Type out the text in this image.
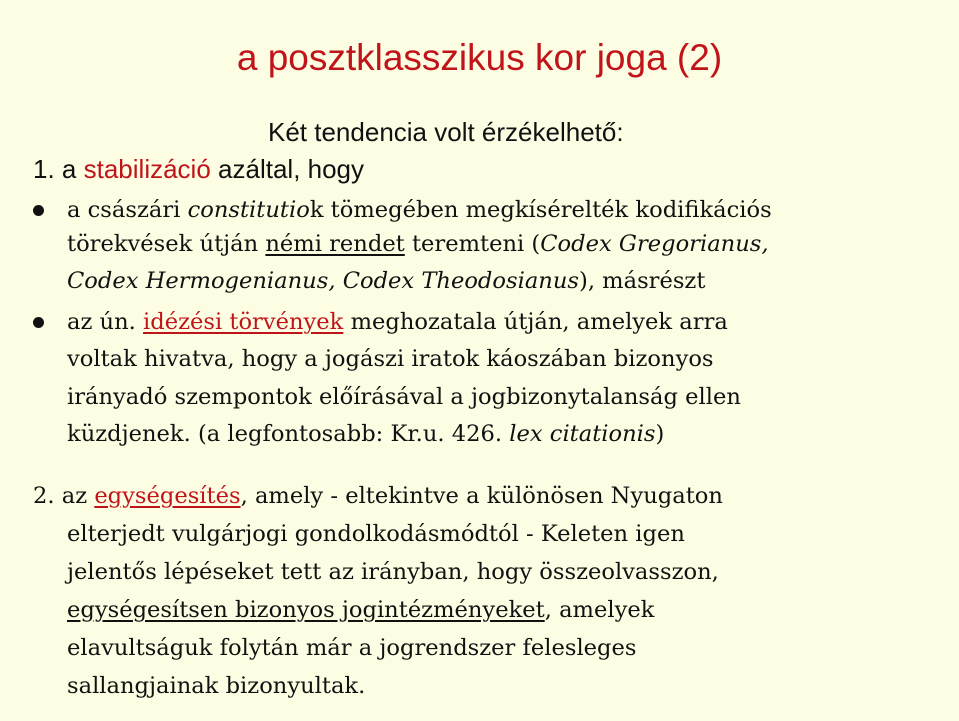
a posztklasszikus kor joga (2)

Két tendencia volt érzékelhető:

1. a stabilizáció azáltal, hogy

a császári constitutiok tömegében megkísérelték kodifikációs

törekvések útján némi rendet teremteni (Codex Gregorianus,

Codex Hermogenianus, Codex Theodosianus), másrészt

az ún. idézési törvények meghozatala útján, amelyek arra

voltak hivatva, hogy a jogászi iratok káoszában bizonyos

irányadó szempontok előírásával a jogbizonytalanság ellen

küzdjenek. (a legfontosabb: Kr.u. 426. lex citationis)

2. az egységesítés, amely - eltekintve a különösen Nyugaton

elterjedt vulgárjogi gondolkodásmódtól - Keleten igen

jelentős lépéseket tett az irányban, hogy összeolvasszon,

egységesítsen bizonyos jogintézményeket, amelyek

elavultságuk folytán már a jogrendszer felesleges

sallangjainak bizonyultak.
